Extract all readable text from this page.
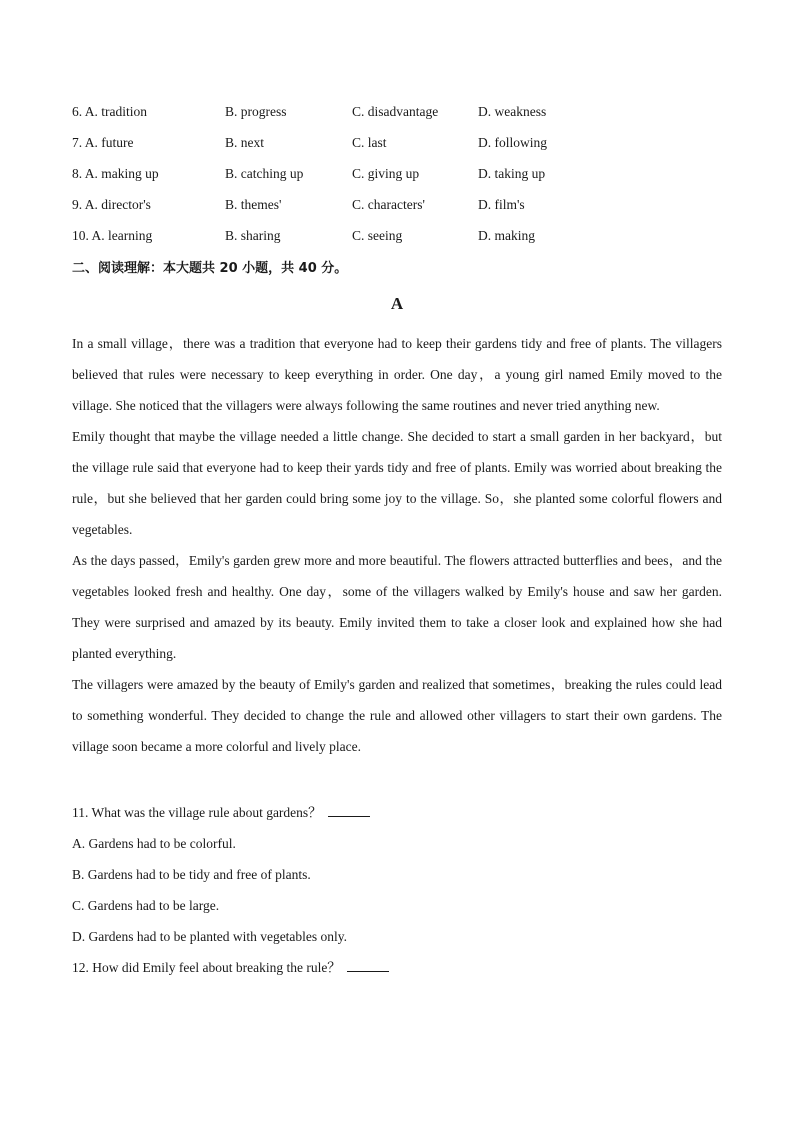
6. A. tradition	B. progress	C. disadvantage	D. weakness
7. A. future	B. next	C. last	D. following
8. A. making up	B. catching up	C. giving up	D. taking up
9. A. director's	B. themes'	C. characters'	D. film's
10. A. learning	B. sharing	C. seeing	D. making
二、阅读理解：本大题共 20 小题，共 40 分。
A

In a small village，there was a tradition that everyone had to keep their gardens tidy and free of plants. The villagers believed that rules were necessary to keep everything in order. One day，a young girl named Emily moved to the village. She noticed that the villagers were always following the same routines and never tried anything new.

Emily thought that maybe the village needed a little change. She decided to start a small garden in her backyard，but the village rule said that everyone had to keep their yards tidy and free of plants. Emily was worried about breaking the rule，but she believed that her garden could bring some joy to the village. So，she planted some colorful flowers and vegetables.

As the days passed，Emily's garden grew more and more beautiful. The flowers attracted butterflies and bees，and the vegetables looked fresh and healthy. One day，some of the villagers walked by Emily's house and saw her garden. They were surprised and amazed by its beauty. Emily invited them to take a closer look and explained how she had planted everything.

The villagers were amazed by the beauty of Emily's garden and realized that sometimes，breaking the rules could lead to something wonderful. They decided to change the rule and allowed other villagers to start their own gardens. The village soon became a more colorful and lively place.

11. What was the village rule about gardens？

A. Gardens had to be colorful.

B. Gardens had to be tidy and free of plants.

C. Gardens had to be large.

D. Gardens had to be planted with vegetables only.

12. How did Emily feel about breaking the rule？
